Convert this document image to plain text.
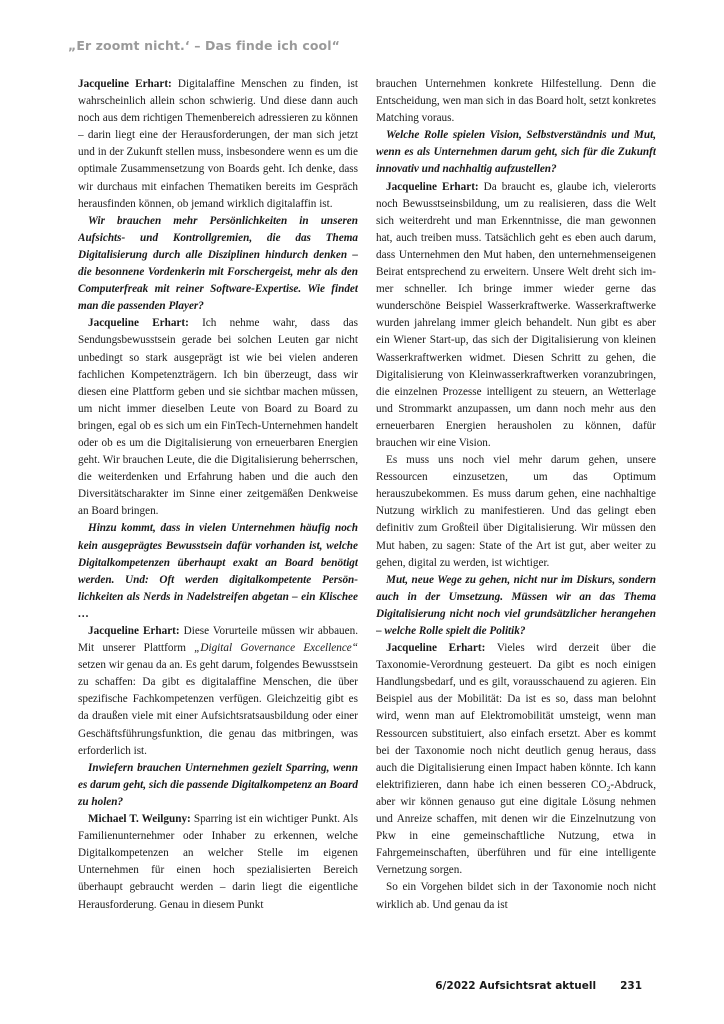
„Er zoomt nicht.‘ – Das finde ich cool“

Jacqueline Erhart: Digitalaffine Menschen zu finden, ist wahrscheinlich allein schon schwierig. Und diese dann auch noch aus dem richtigen Themenbereich adressieren zu können – darin liegt eine der Herausforderungen, der man sich jetzt und in der Zukunft stellen muss, insbesondere wenn es um die optimale Zusammensetzung von Boards geht. Ich denke, dass wir durchaus mit einfachen Thematiken bereits im Gespräch herausfinden können, ob jemand wirklich digitalaffin ist.

Wir brauchen mehr Persönlichkeiten in unseren Aufsichts- und Kontrollgremien, die das Thema Digitalisierung durch alle Disziplinen hindurch denken – die besonnene Vordenkerin mit Forschergeist, mehr als den Computerfreak mit reiner Software-Expertise. Wie findet man die passenden Player?

Jacqueline Erhart: Ich nehme wahr, dass das Sendungsbewusstsein gerade bei solchen Leuten gar nicht unbedingt so stark ausgeprägt ist wie bei vielen anderen fachlichen Kompetenzträgern. Ich bin überzeugt, dass wir diesen eine Plattform geben und sie sichtbar machen müssen, um nicht immer dieselben Leute von Board zu Board zu bringen, egal ob es sich um ein FinTech-Unternehmen handelt oder ob es um die Digitalisierung von erneuerbaren Energien geht. Wir brauchen Leute, die die Digitalisierung beherrschen, die weiterdenken und Erfahrung haben und die auch den Diversitätscharakter im Sinne einer zeitgemäßen Denkweise an Board bringen.

Hinzu kommt, dass in vielen Unternehmen häufig noch kein ausgeprägtes Bewusstsein dafür vorhanden ist, welche Digitalkompetenzen überhaupt exakt an Board benötigt werden. Und: Oft werden digitalkompetente Persönlichkeiten als Nerds in Nadelstreifen abgetan – ein Klischee …

Jacqueline Erhart: Diese Vorurteile müssen wir abbauen. Mit unserer Plattform „Digital Governance Excellence“ setzen wir genau da an. Es geht darum, folgendes Bewusstsein zu schaffen: Da gibt es digitalaffine Menschen, die über spezifische Fachkompetenzen verfügen. Gleichzeitig gibt es da draußen viele mit einer Aufsichtsratsausbildung oder einer Geschäftsführungsfunktion, die genau das mitbringen, was erforderlich ist.

Inwiefern brauchen Unternehmen gezielt Sparring, wenn es darum geht, sich die passende Digitalkompetenz an Board zu holen?

Michael T. Weilguny: Sparring ist ein wichtiger Punkt. Als Familienunternehmer oder Inhaber zu erkennen, welche Digitalkompetenzen an welcher Stelle im eigenen Unternehmen für einen hoch spezialisierten Bereich überhaupt gebraucht werden – darin liegt die eigentliche Herausforderung. Genau in diesem Punkt

brauchen Unternehmen konkrete Hilfestellung. Denn die Entscheidung, wen man sich in das Board holt, setzt konkretes Matching voraus.

Welche Rolle spielen Vision, Selbstverständnis und Mut, wenn es als Unternehmen darum geht, sich für die Zukunft innovativ und nachhaltig aufzustellen?

Jacqueline Erhart: Da braucht es, glaube ich, vielerorts noch Bewusstseinsbildung, um zu realisieren, dass die Welt sich weiterdreht und man Erkenntnisse, die man gewonnen hat, auch treiben muss. Tatsächlich geht es eben auch darum, dass Unternehmen den Mut haben, den unternehmenseigenen Beirat entsprechend zu erweitern. Unsere Welt dreht sich immer schneller. Ich bringe immer wieder gerne das wunderschöne Beispiel Wasserkraftwerke. Wasserkraftwerke wurden jahrelang immer gleich behandelt. Nun gibt es aber ein Wiener Start-up, das sich der Digitalisierung von kleinen Wasserkraftwerken widmet. Diesen Schritt zu gehen, die Digitalisierung von Kleinwasserkraftwerken voranzubringen, die einzelnen Prozesse intelligent zu steuern, an Wetterlage und Strommarkt anzupassen, um dann noch mehr aus den erneuerbaren Energien herausholen zu können, dafür brauchen wir eine Vision.

Es muss uns noch viel mehr darum gehen, unsere Ressourcen einzusetzen, um das Optimum herauszubekommen. Es muss darum gehen, eine nachhaltige Nutzung wirklich zu manifestieren. Und das gelingt eben definitiv zum Großteil über Digitalisierung. Wir müssen den Mut haben, zu sagen: State of the Art ist gut, aber weiter zu gehen, digital zu werden, ist wichtiger.

Mut, neue Wege zu gehen, nicht nur im Diskurs, sondern auch in der Umsetzung. Müssen wir an das Thema Digitalisierung nicht noch viel grundsätzlicher herangehen – welche Rolle spielt die Politik?

Jacqueline Erhart: Vieles wird derzeit über die Taxonomie-Verordnung gesteuert. Da gibt es noch einigen Handlungsbedarf, und es gilt, vorausschauend zu agieren. Ein Beispiel aus der Mobilität: Da ist es so, dass man belohnt wird, wenn man auf Elektromobilität umsteigt, wenn man Ressourcen substituiert, also einfach ersetzt. Aber es kommt bei der Taxonomie noch nicht deutlich genug heraus, dass auch die Digitalisierung einen Impact haben könnte. Ich kann elektrifizieren, dann habe ich einen besseren $CO_2$-Abdruck, aber wir können genauso gut eine digitale Lösung nehmen und Anreize schaffen, mit denen wir die Einzelnutzung von Pkw in eine gemeinschaftliche Nutzung, etwa in Fahrgemeinschaften, überführen und für eine intelligente Vernetzung sorgen.

So ein Vorgehen bildet sich in der Taxonomie noch nicht wirklich ab. Und genau da ist

6/2022 Aufsichtsrat aktuell 231
